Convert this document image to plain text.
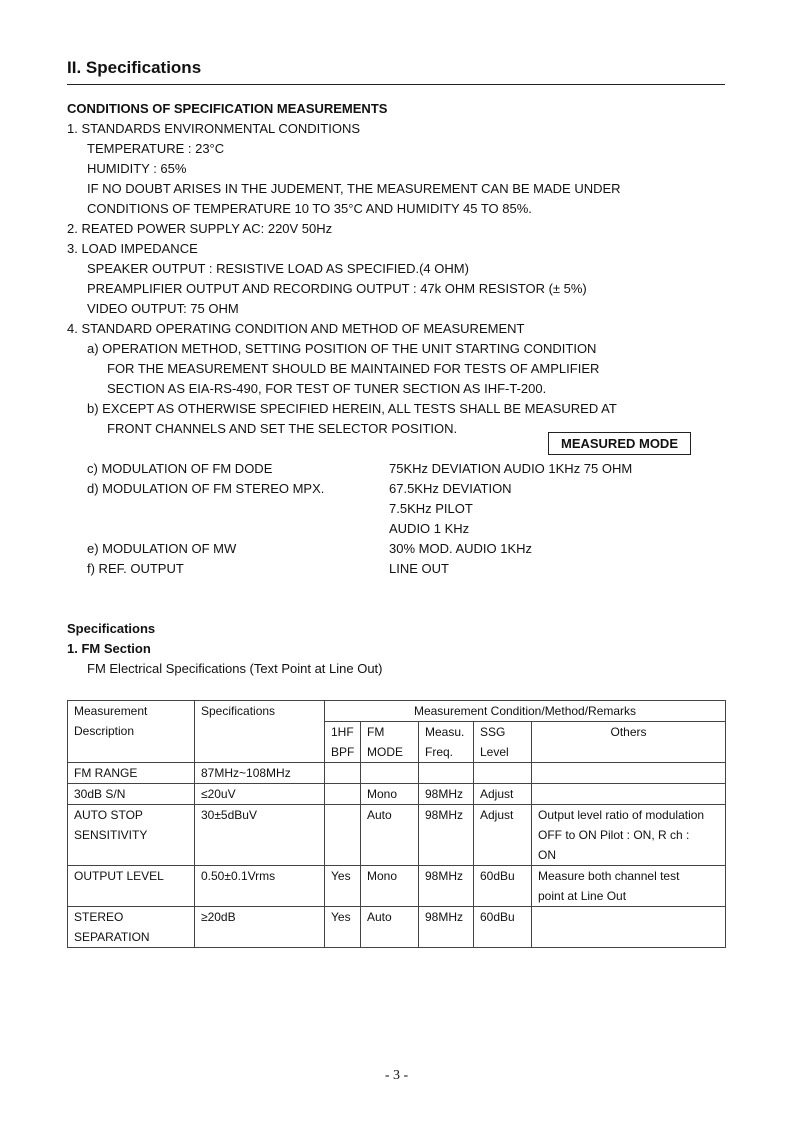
II. Specifications
CONDITIONS OF SPECIFICATION MEASUREMENTS
1. STANDARDS ENVIRONMENTAL CONDITIONS
TEMPERATURE : 23°C
HUMIDITY : 65%
IF NO DOUBT ARISES IN THE JUDEMENT, THE MEASUREMENT CAN BE MADE UNDER
CONDITIONS OF TEMPERATURE 10 TO 35°C AND HUMIDITY 45 TO 85%.
2. REATED POWER SUPPLY AC: 220V 50Hz
3. LOAD IMPEDANCE
SPEAKER OUTPUT : RESISTIVE LOAD AS SPECIFIED.(4 OHM)
PREAMPLIFIER OUTPUT AND RECORDING OUTPUT : 47k OHM RESISTOR (± 5%)
VIDEO OUTPUT: 75 OHM
4. STANDARD OPERATING CONDITION AND METHOD OF MEASUREMENT
a) OPERATION METHOD, SETTING POSITION OF THE UNIT STARTING CONDITION
FOR THE MEASUREMENT SHOULD BE MAINTAINED FOR TESTS OF AMPLIFIER
SECTION AS EIA-RS-490, FOR TEST OF TUNER SECTION AS IHF-T-200.
b) EXCEPT AS OTHERWISE SPECIFIED HEREIN, ALL TESTS SHALL BE MEASURED AT
FRONT CHANNELS AND SET THE SELECTOR POSITION.
MEASURED MODE
c) MODULATION OF FM DODE	75KHz DEVIATION AUDIO 1KHz 75 OHM
d) MODULATION OF FM STEREO MPX.	67.5KHz DEVIATION
7.5KHz PILOT
AUDIO 1 KHz
e) MODULATION OF MW	30% MOD. AUDIO 1KHz
f) REF. OUTPUT	LINE OUT
Specifications
1. FM Section
FM Electrical Specifications (Text Point at Line Out)
Measurement
Description	Specifications	Measurement Condition/Method/Remarks				
		1HF	FM	Measu.	SSG	Others
		BPF	MODE	Freq.	Level	
FM RANGE	87MHz~108MHz					
30dB S/N	≤20uV		Mono	98MHz	Adjust	

AUTO STOP
SENSITIVITY	30±5dBuV		Auto	98MHz	Adjust	Output level ratio of modulation
OFF to ON Pilot : ON, R ch :
ON

OUTPUT LEVEL	0.50±0.1Vrms	Yes	Mono	98MHz	60dBu	Measure both channel test
point at Line Out

STEREO
SEPARATION	≥20dB	Yes	Auto	98MHz	60dBu	
- 3 -
